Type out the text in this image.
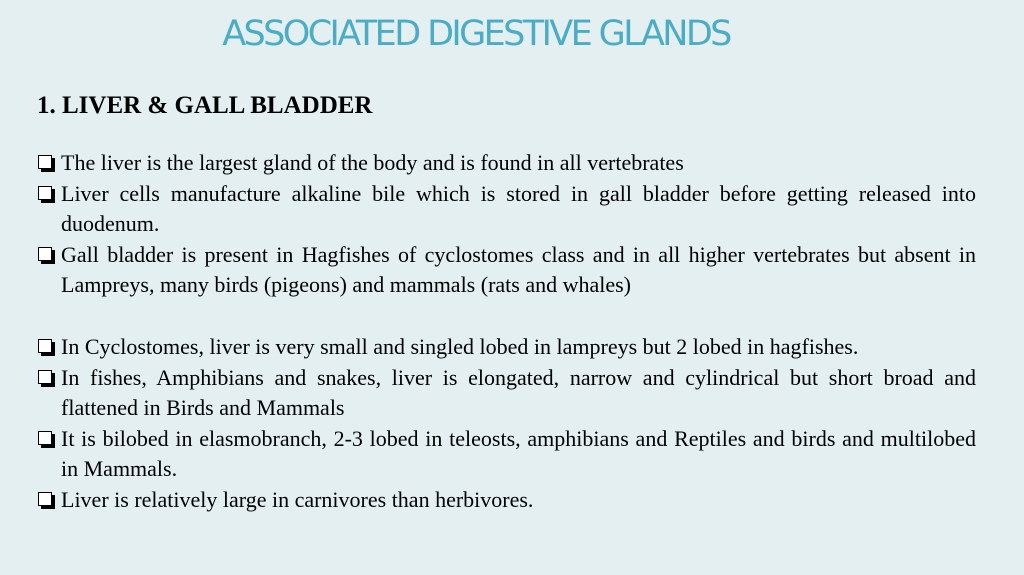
ASSOCIATED DIGESTIVE GLANDS
1. LIVER & GALL BLADDER
The liver is the largest gland of the body and is found in all vertebrates
Liver cells manufacture alkaline bile which is stored in gall bladder before getting released into duodenum.
Gall bladder is present in Hagfishes of cyclostomes class and in all higher vertebrates but absent in Lampreys, many birds (pigeons) and mammals (rats and whales)
In Cyclostomes, liver is very small and singled lobed in lampreys but 2 lobed in hagfishes.
In fishes, Amphibians and snakes, liver is elongated, narrow and cylindrical but short broad and flattened in Birds and Mammals
It is bilobed in elasmobranch, 2-3 lobed in teleosts, amphibians and Reptiles and birds and multilobed in Mammals.
Liver is relatively large in carnivores than herbivores.
